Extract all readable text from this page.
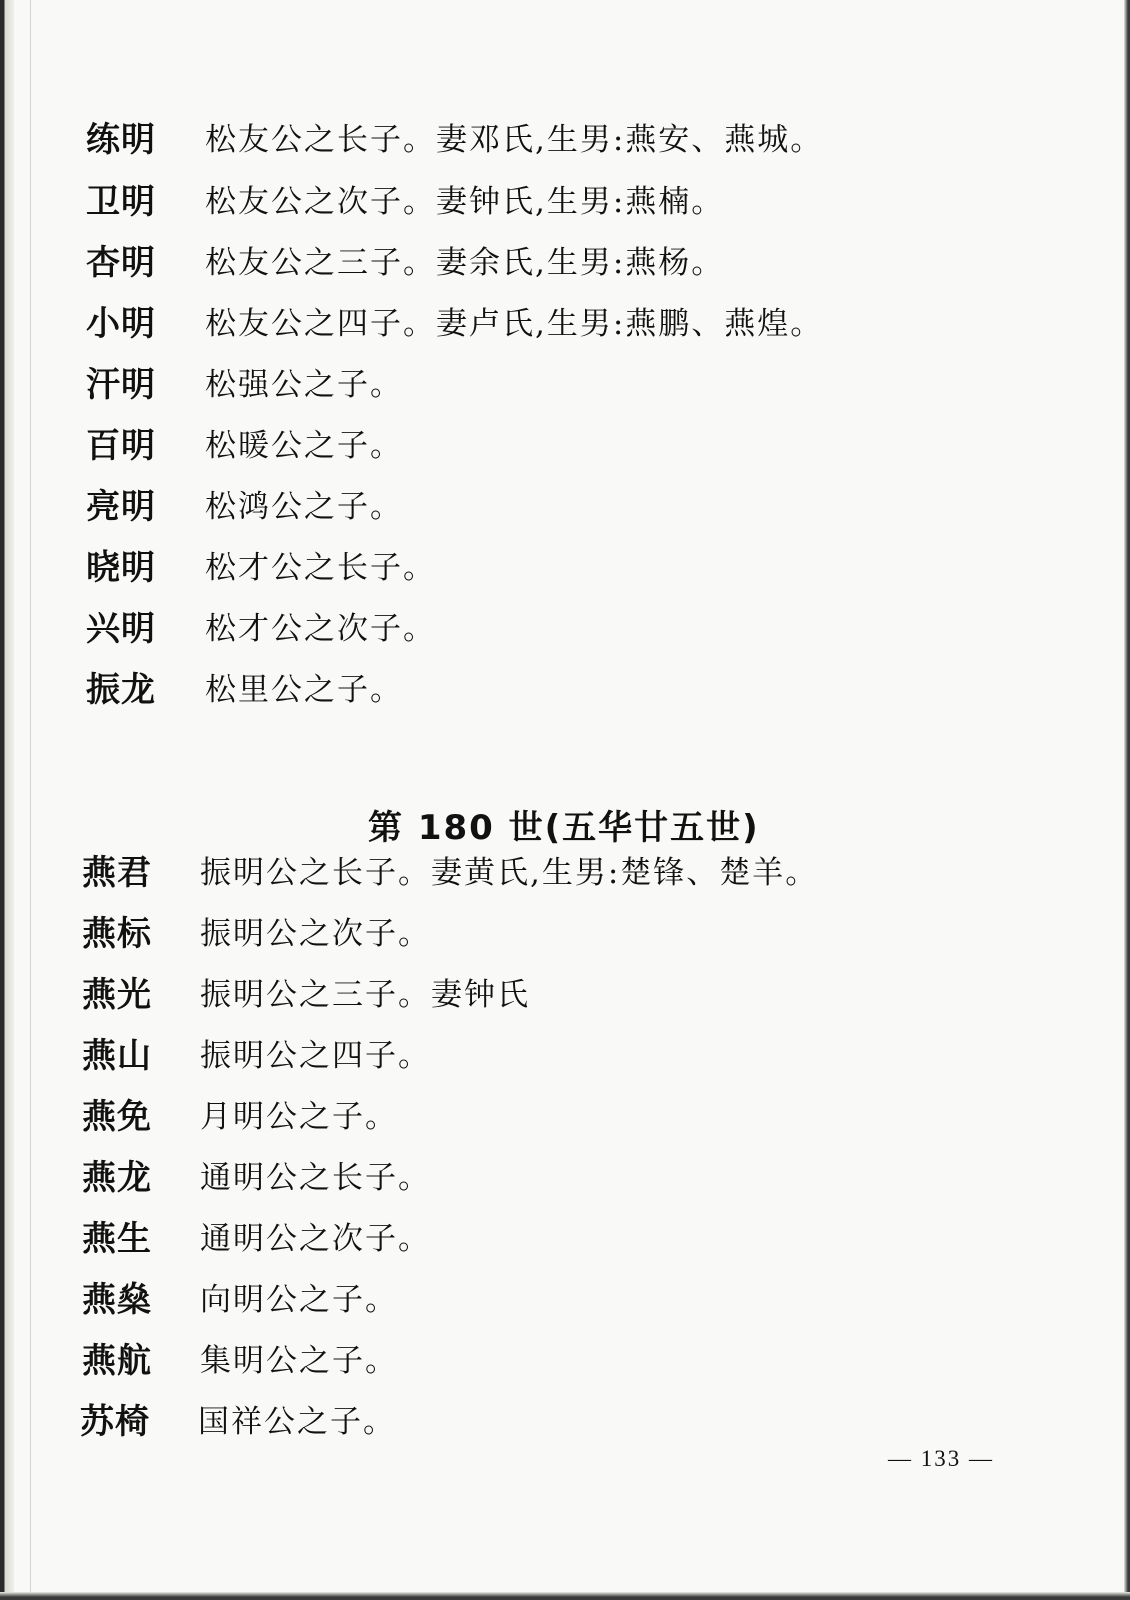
练明 松友公之长子。妻邓氏,生男:燕安、燕城。
卫明 松友公之次子。妻钟氏,生男:燕楠。
杏明 松友公之三子。妻余氏,生男:燕杨。
小明 松友公之四子。妻卢氏,生男:燕鹏、燕煌。
汗明 松强公之子。
百明 松暖公之子。
亮明 松鸿公之子。
晓明 松才公之长子。
兴明 松才公之次子。
振龙 松里公之子。
第 180 世(五华廿五世)
燕君 振明公之长子。妻黄氏,生男:楚锋、楚羊。
燕标 振明公之次子。
燕光 振明公之三子。妻钟氏
燕山 振明公之四子。
燕免 月明公之子。
燕龙 通明公之长子。
燕生 通明公之次子。
燕燊 向明公之子。
燕航 集明公之子。
苏椅 国祥公之子。
— 133 —
